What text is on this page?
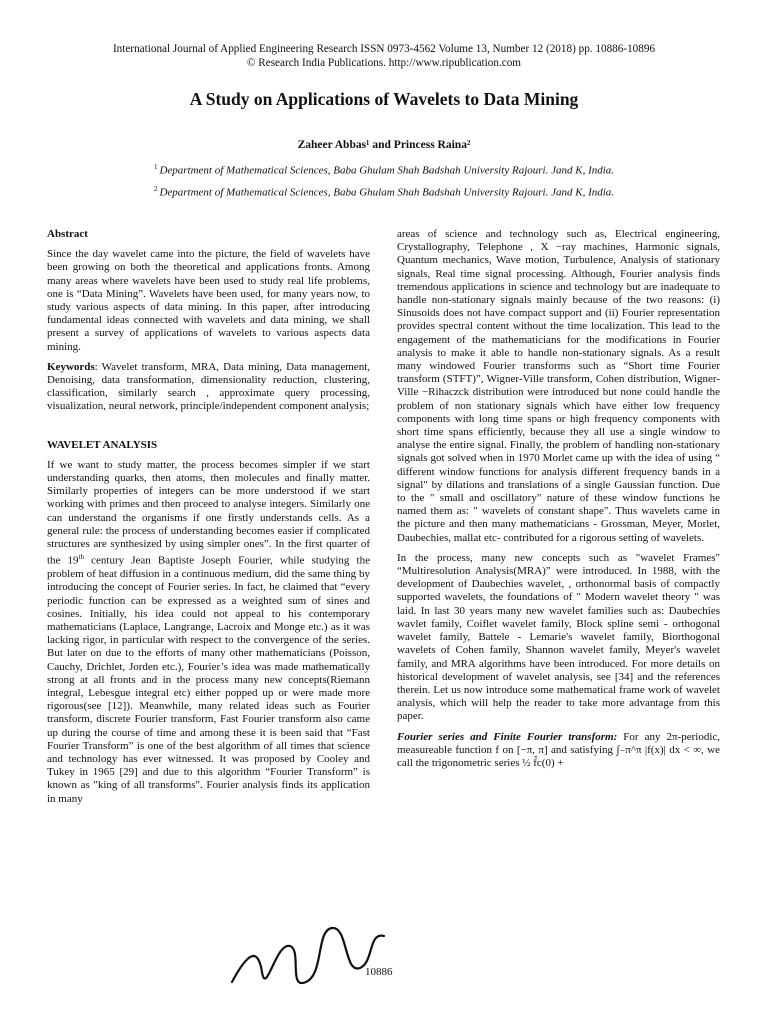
International Journal of Applied Engineering Research ISSN 0973-4562 Volume 13, Number 12 (2018) pp. 10886-10896
© Research India Publications. http://www.ripublication.com
A Study on Applications of Wavelets to Data Mining
Zaheer Abbas¹ and Princess Raina²
$^1$ Department of Mathematical Sciences, Baba Ghulam Shah Badshah University Rajouri. Jand K, India.
$^2$ Department of Mathematical Sciences, Baba Ghulam Shah Badshah University Rajouri. Jand K, India.

Abstract

Since the day wavelet came into the picture, the field of wavelets have been growing on both the theoretical and applications fronts. Among many areas where wavelets have been used to study real life problems, one is “Data Mining”. Wavelets have been used, for many years now, to study various aspects of data mining. In this paper, after introducing fundamental ideas connected with wavelets and data mining, we shall present a survey of applications of wavelets to various aspects data mining.

Keywords: Wavelet transform, MRA, Data mining, Data management, Denoising, data transformation, dimensionality reduction, clustering, classification, similarly search , approximate query processing, visualization, neural network, principle/independent component analysis;

WAVELET ANALYSIS

If we want to study matter, the process becomes simpler if we start understanding quarks, then atoms, then molecules and finally matter. Similarly properties of integers can be more understood if we start working with primes and then proceed to analyse integers. Similarly one can understand the organisms if one firstly understands cells. As a general rule: the process of understanding becomes easier if complicated structures are synthesized by using simpler ones”. In the first quarter of the 19th century Jean Baptiste Joseph Fourier, while studying the problem of heat diffusion in a continuous medium, did the same thing by introducing the concept of Fourier series. In fact, he claimed that “every periodic function can be expressed as a weighted sum of sines and cosines. Initially, his idea could not appeal to his contemporary mathematicians (Laplace, Langrange, Lacroix and Monge etc.) as it was lacking rigor, in particular with respect to the convergence of the series. But later on due to the efforts of many other mathematicians (Poisson, Cauchy, Drichlet, Jorden etc.), Fourier’s idea was made mathematically strong at all fronts and in the process many new concepts(Riemann integral, Lebesgue integral etc) either popped up or were made more rigorous(see [12]). Meanwhile, many related ideas such as Fourier transform, discrete Fourier transform, Fast Fourier transform also came up during the course of time and among these it is been said that “Fast Fourier Transform” is one of the best algorithm of all times that science and technology has ever witnessed. It was proposed by Cooley and Tukey in 1965 [29] and due to this algorithm “Fourier Transform” is known as "king of all transforms". Fourier analysis finds its application in many

areas of science and technology such as, Electrical engineering, Crystallography, Telephone , X −ray machines, Harmonic signals, Quantum mechanics, Wave motion, Turbulence, Analysis of stationary signals, Real time signal processing. Although, Fourier analysis finds tremendous applications in science and technology but are inadequate to handle non-stationary signals mainly because of the two reasons: (i) Sinusoids does not have compact support and (ii) Fourier representation provides spectral content without the time localization. This lead to the engagement of the mathematicians for the modifications in Fourier analysis to make it able to handle non-stationary signals. As a result many windowed Fourier transforms such as “Short time Fourier transform (STFT)”, Wigner-Ville transform, Cohen distribution, Wigner-Ville −Rihaczck distribution were introduced but none could handle the problem of non stationary signals which have either low frequency components with long time spans or high frequency components with short time spans efficiently, because they all use a single window to analyse the entire signal. Finally, the problem of handling non-stationary signals got solved when in 1970 Morlet came up with the idea of using “ different window functions for analysis different frequency bands in a signal" by dilations and translations of a single Gaussian function. Due to the " small and oscillatory" nature of these window functions he named them as: " wavelets of constant shape". Thus wavelets came in the picture and then many mathematicians - Grossman, Meyer, Morlet, Daubechies, mallat etc- contributed for a rigorous setting of wavelets.

In the process, many new concepts such as "wavelet Frames" “Multiresolution Analysis(MRA)” were introduced. In 1988, with the development of Daubechies wavelet, , orthonormal basis of compactly supported wavelets, the foundations of " Modern wavelet theory " was laid. In last 30 years many new wavelet families such as: Daubechies wavlet family, Coiflet wavelet family, Block spline semi - orthogonal wavelet family, Battele - Lemarie's wavelet family, Biorthogonal wavelets of Cohen family, Shannon wavelet family, Meyer's wavelet family, and MRA algorithms have been introduced. For more details on historical development of wavelet analysis, see [34] and the references therein. Let us now introduce some mathematical frame work of wavelet analysis, which will help the reader to take more advantage from this paper.

Fourier series and Finite Fourier transform: For any 2π-periodic, measureable function f on [−π, π] and satisfying ∫₋π^π |f(x)| dx < ∞, we call the trigonometric series ½ f̂c(0) +

10886
